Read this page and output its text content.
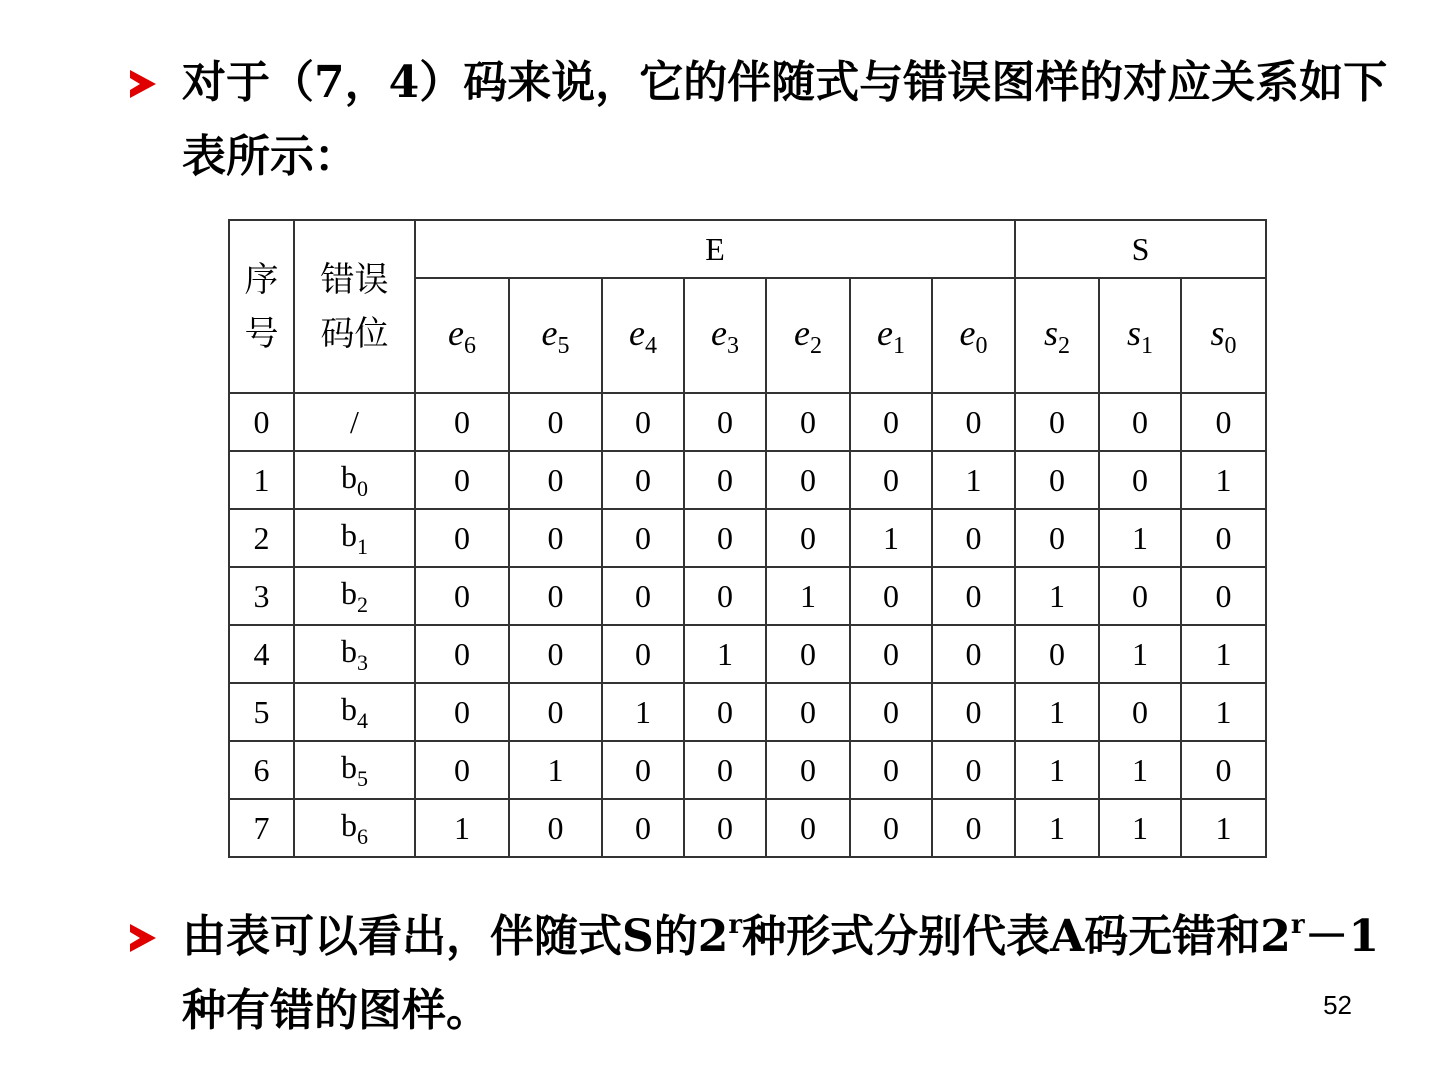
对于（7，4）码来说，它的伴随式与错误图样的对应关系如下表所示：
序号	错误码位	E							S		
		$e_6$	$e_5$	$e_4$	$e_3$	$e_2$	$e_1$	$e_0$	$s_2$	$s_1$	$s_0$
0	/	0	0	0	0	0	0	0	0	0	0
1	$b_0$	0	0	0	0	0	0	1	0	0	1
2	$b_1$	0	0	0	0	0	1	0	0	1	0
3	$b_2$	0	0	0	0	1	0	0	1	0	0
4	$b_3$	0	0	0	1	0	0	0	0	1	1
5	$b_4$	0	0	1	0	0	0	0	1	0	1
6	$b_5$	0	1	0	0	0	0	0	1	1	0
7	$b_6$	1	0	0	0	0	0	0	1	1	1
由表可以看出，伴随式S的2$^r$种形式分别代表A码无错和$2^r-1$种有错的图样。	52
